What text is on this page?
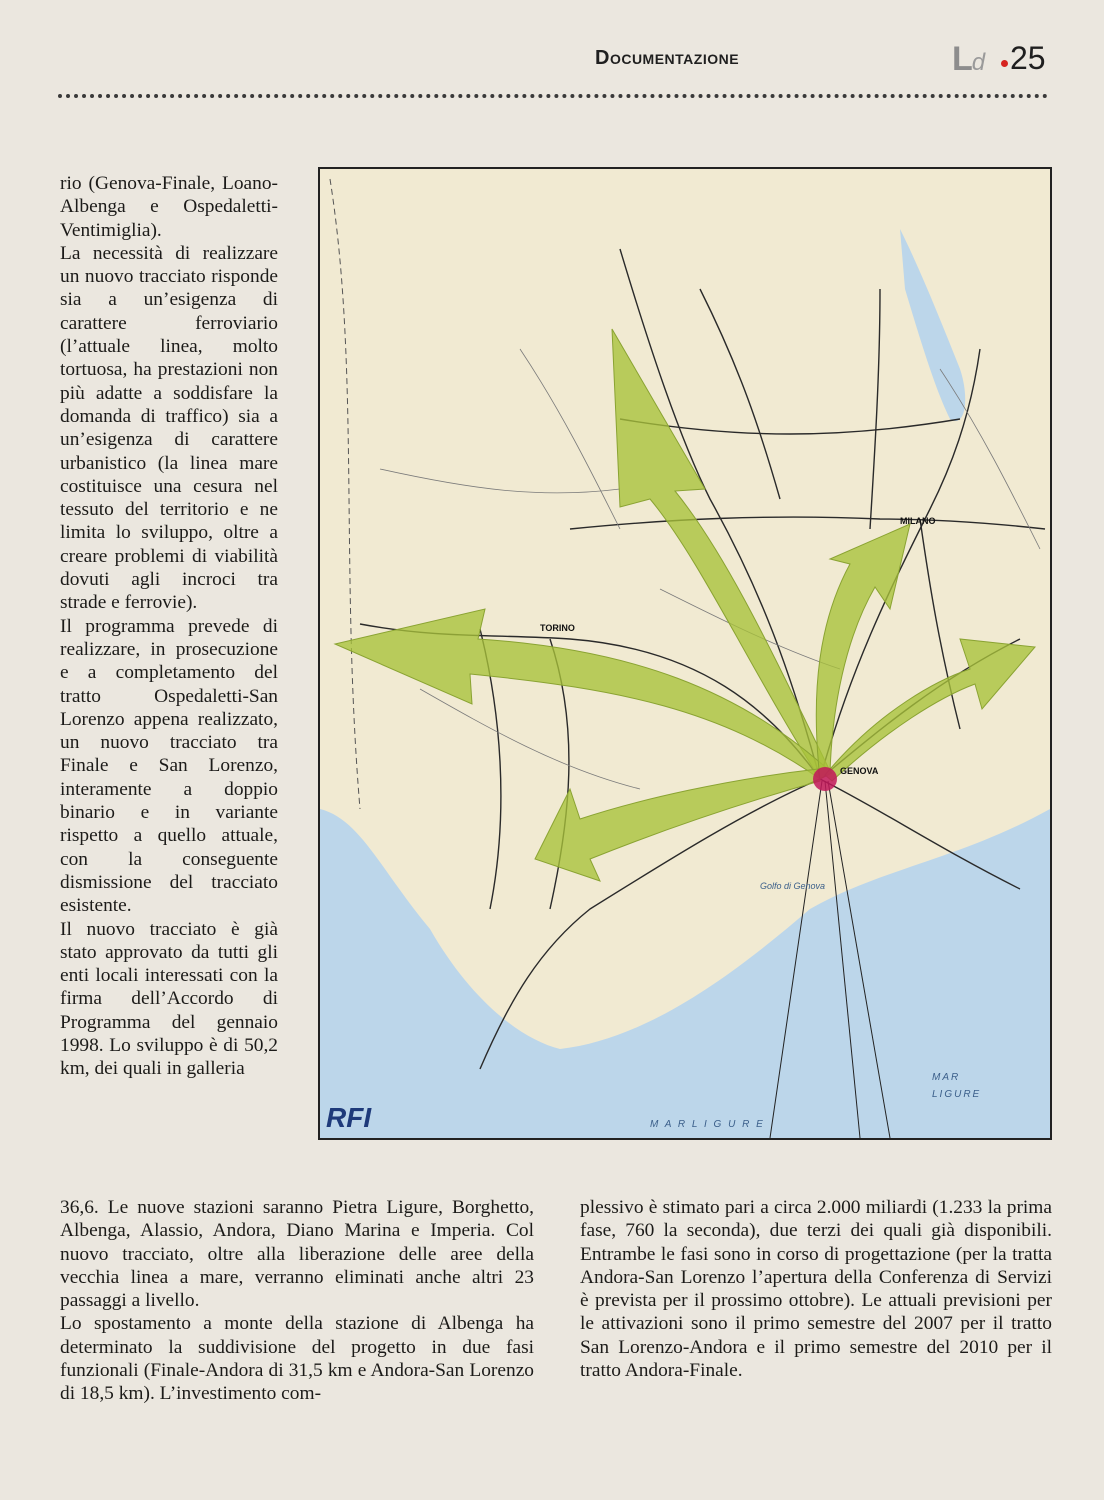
Documentazione	Ld 25

rio (Genova-Finale, Loano-Albenga e Ospedaletti-Ventimiglia).

La necessità di realizzare un nuovo tracciato risponde sia a un’esigenza di carattere ferroviario (l’attuale linea, molto tortuosa, ha prestazioni non più adatte a soddisfare la domanda di traffico) sia a un’esigenza di carattere urbanistico (la linea mare costituisce una cesura nel tessuto del territorio e ne limita lo sviluppo, oltre a creare problemi di viabilità dovuti agli incroci tra strade e ferrovie).

Il programma prevede di realizzare, in prosecuzione e a completamento del tratto Ospedaletti-San Lorenzo appena realizzato, un nuovo tracciato tra Finale e San Lorenzo, interamente a doppio binario e in variante rispetto a quello attuale, con la conseguente dismissione del tracciato esistente.

Il nuovo tracciato è già stato approvato da tutti gli enti locali interessati con la firma dell’Accordo di Programma del gennaio 1998. Lo sviluppo è di 50,2 km, dei quali in galleria

TORINO
MILANO
GENOVA
Golfo di Genova
MAR
LIGURE
M A R L I G U R E
RFI

36,6. Le nuove stazioni saranno Pietra Ligure, Borghetto, Albenga, Alassio, Andora, Diano Marina e Imperia. Col nuovo tracciato, oltre alla liberazione delle aree della vecchia linea a mare, verranno eliminati anche altri 23 passaggi a livello.

Lo spostamento a monte della stazione di Albenga ha determinato la suddivisione del progetto in due fasi funzionali (Finale-Andora di 31,5 km e Andora-San Lorenzo di 18,5 km). L’investimento com-

plessivo è stimato pari a circa 2.000 miliardi (1.233 la prima fase, 760 la seconda), due terzi dei quali già disponibili. Entrambe le fasi sono in corso di progettazione (per la tratta Andora-San Lorenzo l’apertura della Conferenza di Servizi è prevista per il prossimo ottobre). Le attuali previsioni per le attivazioni sono il primo semestre del 2007 per il tratto San Lorenzo-Andora e il primo semestre del 2010 per il tratto Andora-Finale.
